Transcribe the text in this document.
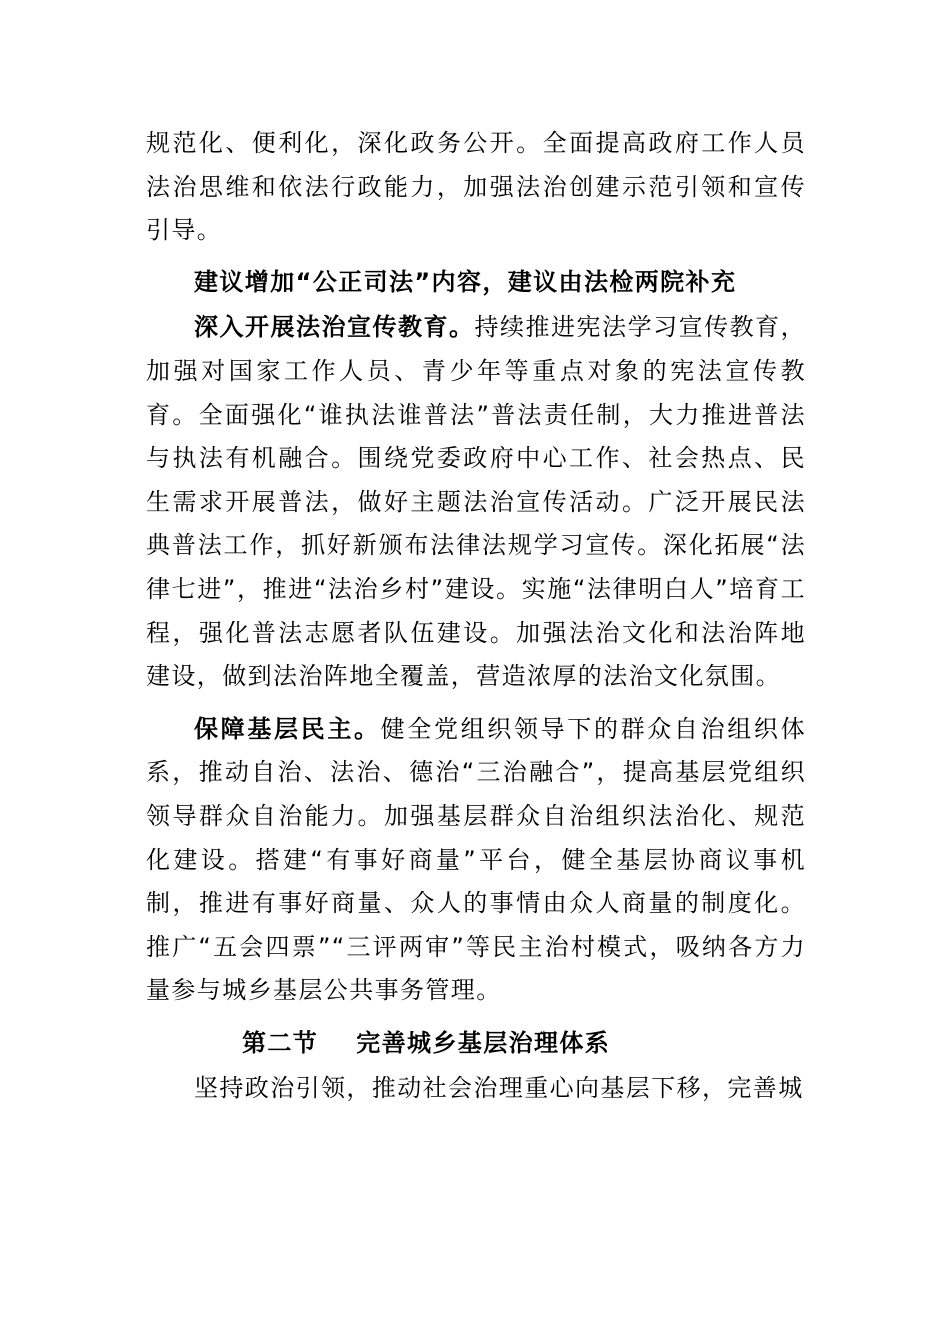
规范化、便利化，深化政务公开。全面提高政府工作人员法治思维和依法行政能力，加强法治创建示范引领和宣传引导。

建议增加“公正司法”内容，建议由法检两院补充

深入开展法治宣传教育。持续推进宪法学习宣传教育，加强对国家工作人员、青少年等重点对象的宪法宣传教育。全面强化“谁执法谁普法”普法责任制，大力推进普法与执法有机融合。围绕党委政府中心工作、社会热点、民生需求开展普法，做好主题法治宣传活动。广泛开展民法典普法工作，抓好新颁布法律法规学习宣传。深化拓展“法律七进”，推进“法治乡村”建设。实施“法律明白人”培育工程，强化普法志愿者队伍建设。加强法治文化和法治阵地建设，做到法治阵地全覆盖，营造浓厚的法治文化氛围。

保障基层民主。健全党组织领导下的群众自治组织体系，推动自治、法治、德治“三治融合”，提高基层党组织领导群众自治能力。加强基层群众自治组织法治化、规范化建设。搭建“有事好商量”平台，健全基层协商议事机制，推进有事好商量、众人的事情由众人商量的制度化。推广“五会四票”“三评两审”等民主治村模式，吸纳各方力量参与城乡基层公共事务管理。

第二节 完善城乡基层治理体系

坚持政治引领，推动社会治理重心向基层下移，完善城
